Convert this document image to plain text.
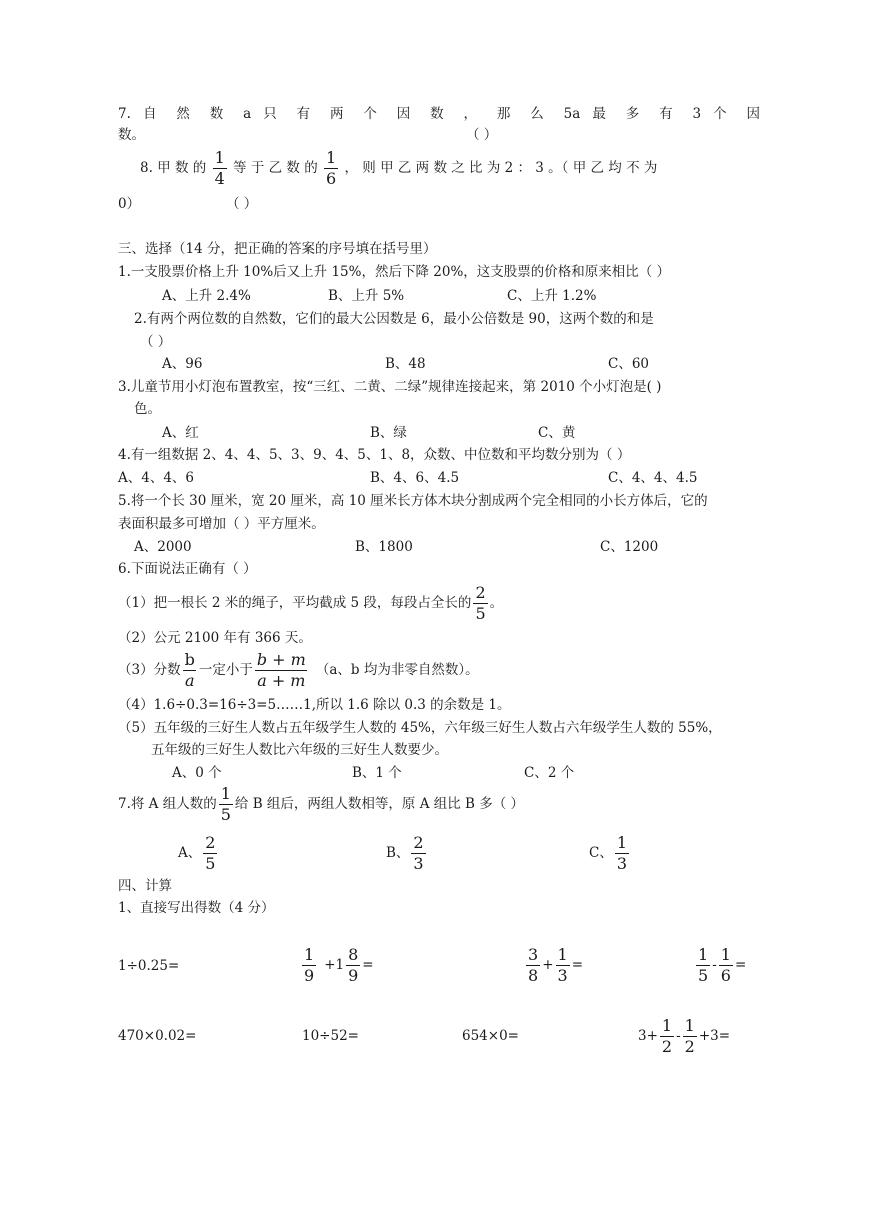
7. 自 然 数 a 只 有 两 个 因 数 ， 那 么 5a 最 多 有 3 个 因
数。	（ ）
8. 甲 数 的 $\frac{1}{4}$ 等 于 乙 数 的 $\frac{1}{6}$ ， 则 甲 乙 两 数 之 比 为 2 ： 3 。（ 甲 乙 均 不 为
0）	（ ）
三、选择（14 分，把正确的答案的序号填在括号里）
1.一支股票价格上升 10%后又上升 15%，然后下降 20%，这支股票的价格和原来相比（ ）
A、上升 2.4%	B、上升 5%	C、上升 1.2%
2.有两个两位数的自然数，它们的最大公因数是 6，最小公倍数是 90，这两个数的和是
（ ）
A、96	B、48	C、60
3.儿童节用小灯泡布置教室，按“三红、二黄、二绿”规律连接起来，第 2010 个小灯泡是( )
色。
A、红	B、绿	C、黄
4.有一组数据 2、4、4、5、3、9、4、5、1、8，众数、中位数和平均数分别为（ ）
A、4、4、6	B、4、6、4.5	C、4、4、4.5
5.将一个长 30 厘米，宽 20 厘米，高 10 厘米长方体木块分割成两个完全相同的小长方体后，它的
表面积最多可增加（ ）平方厘米。
A、2000	B、1800	C、1200
6.下面说法正确有（ ）
（1）把一根长 2 米的绳子，平均截成 5 段，每段占全长的 $\frac{2}{5}$ 。
（2）公元 2100 年有 366 天。
（3）分数 $\frac{b}{a}$ 一定小于 $\frac{b + m}{a + m} (a$、b 均为非零自然数）。
（4）1.6÷0.3=16÷3=5……1,所以 1.6 除以 0.3 的余数是 1。
（5）五年级的三好生人数占五年级学生人数的 45%，六年级三好生人数占六年级学生人数的 55%，
五年级的三好生人数比六年级的三好生人数要少。
A、0 个	B、1 个	C、2 个
7.将 A 组人数的 $\frac{1}{5}$ 给 B 组后，两组人数相等，原 A 组比 B 多（ ）
A、 $\frac{2}{5}$	B、 $\frac{2}{3}$	C、 $\frac{1}{3}$
四、计算
1、直接写出得数（4 分）
1÷0.25=	$\frac{1}{9} +1 \frac{8}{9}$ =	$\frac{3}{8} + \frac{1}{3}$ =	$\frac{1}{5} - \frac{1}{6}$ =
470×0.02=	10÷52=	654×0=	$3+ \frac{1}{2} - \frac{1}{2} +3=$
